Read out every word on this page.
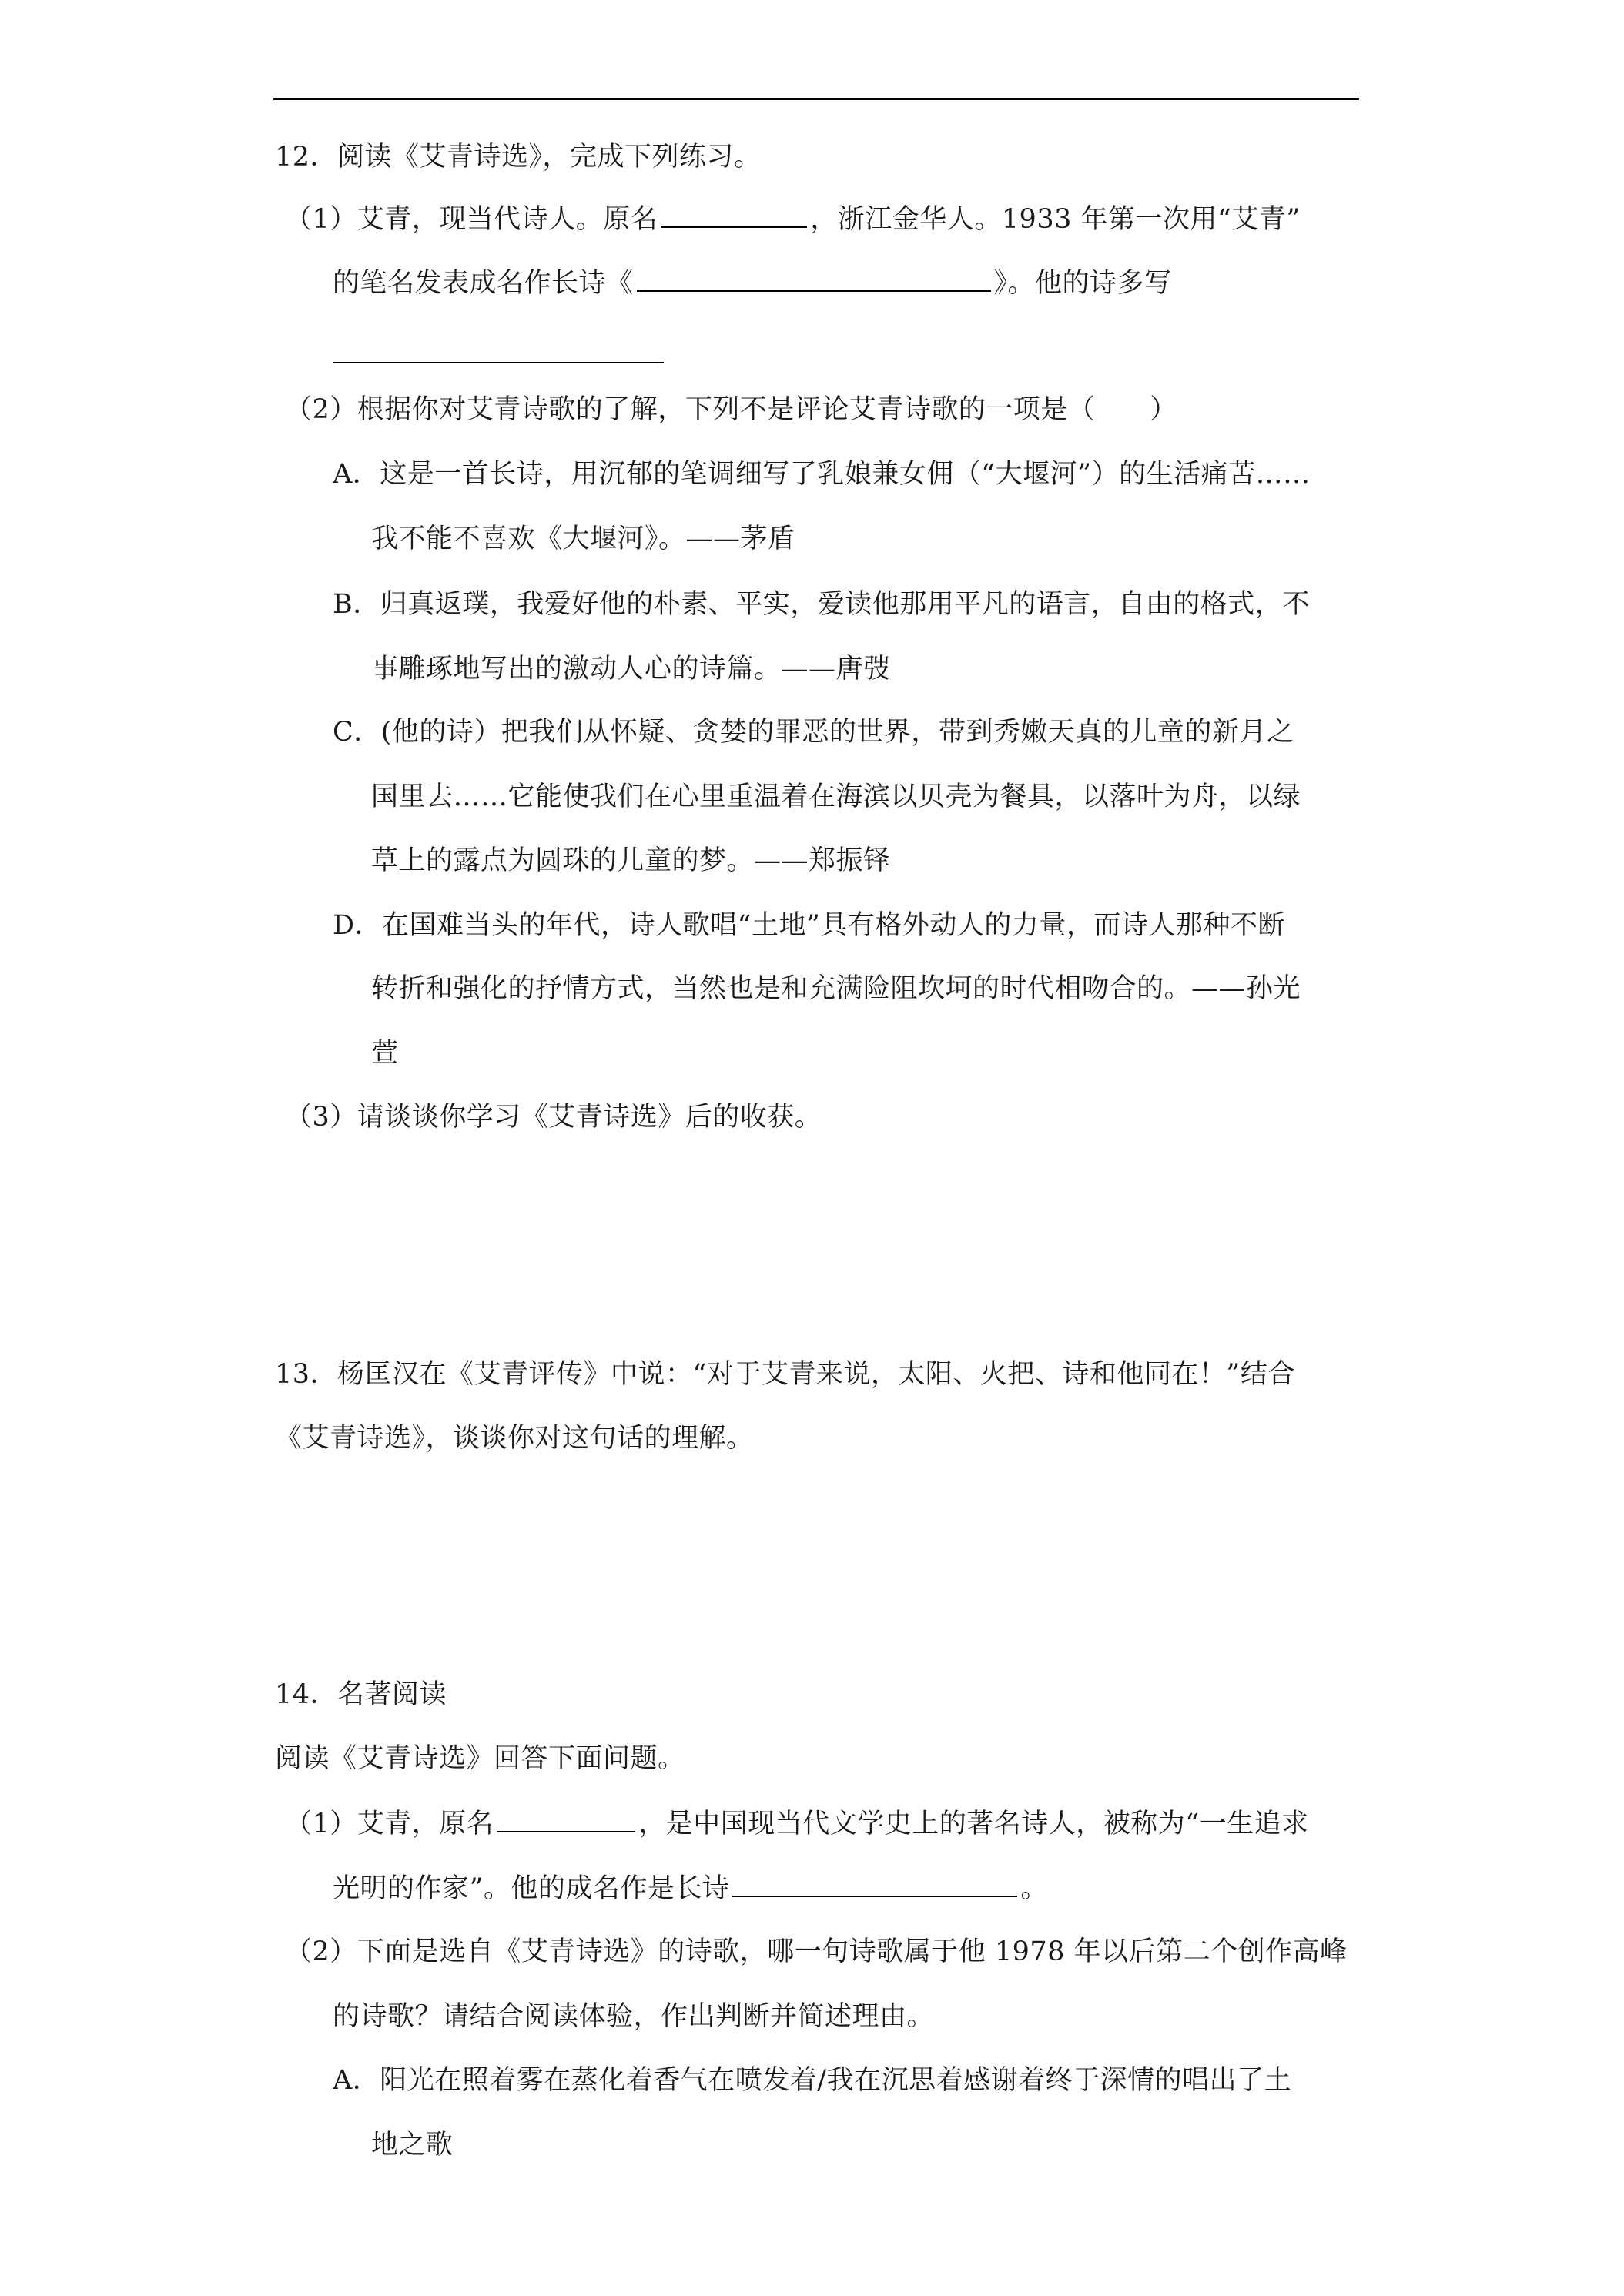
12．阅读《艾青诗选》，完成下列练习。
（1）艾青，现当代诗人。原名	，浙江金华人。1933 年第一次用“艾青”
的笔名发表成名作长诗《	》。他的诗多写
（2）根据你对艾青诗歌的了解，下列不是评论艾青诗歌的一项是（　　）
A．这是一首长诗，用沉郁的笔调细写了乳娘兼女佣（“大堰河”）的生活痛苦……
我不能不喜欢《大堰河》。——茅盾
B．归真返璞，我爱好他的朴素、平实，爱读他那用平凡的语言，自由的格式，不
事雕琢地写出的激动人心的诗篇。——唐弢
C．(他的诗）把我们从怀疑、贪婪的罪恶的世界，带到秀嫩天真的儿童的新月之
国里去……它能使我们在心里重温着在海滨以贝壳为餐具，以落叶为舟，以绿
草上的露点为圆珠的儿童的梦。——郑振铎
D．在国难当头的年代，诗人歌唱“土地”具有格外动人的力量，而诗人那种不断
转折和强化的抒情方式，当然也是和充满险阻坎坷的时代相吻合的。——孙光
萱
（3）请谈谈你学习《艾青诗选》后的收获。
13．杨匡汉在《艾青评传》中说：“对于艾青来说，太阳、火把、诗和他同在！”结合
《艾青诗选》，谈谈你对这句话的理解。
14．名著阅读
阅读《艾青诗选》回答下面问题。
（1）艾青，原名	，是中国现当代文学史上的著名诗人，被称为“一生追求
光明的作家”。他的成名作是长诗	。
（2）下面是选自《艾青诗选》的诗歌，哪一句诗歌属于他 1978 年以后第二个创作高峰
的诗歌？请结合阅读体验，作出判断并简述理由。
A．阳光在照着雾在蒸化着香气在喷发着/我在沉思着感谢着终于深情的唱出了土
地之歌
